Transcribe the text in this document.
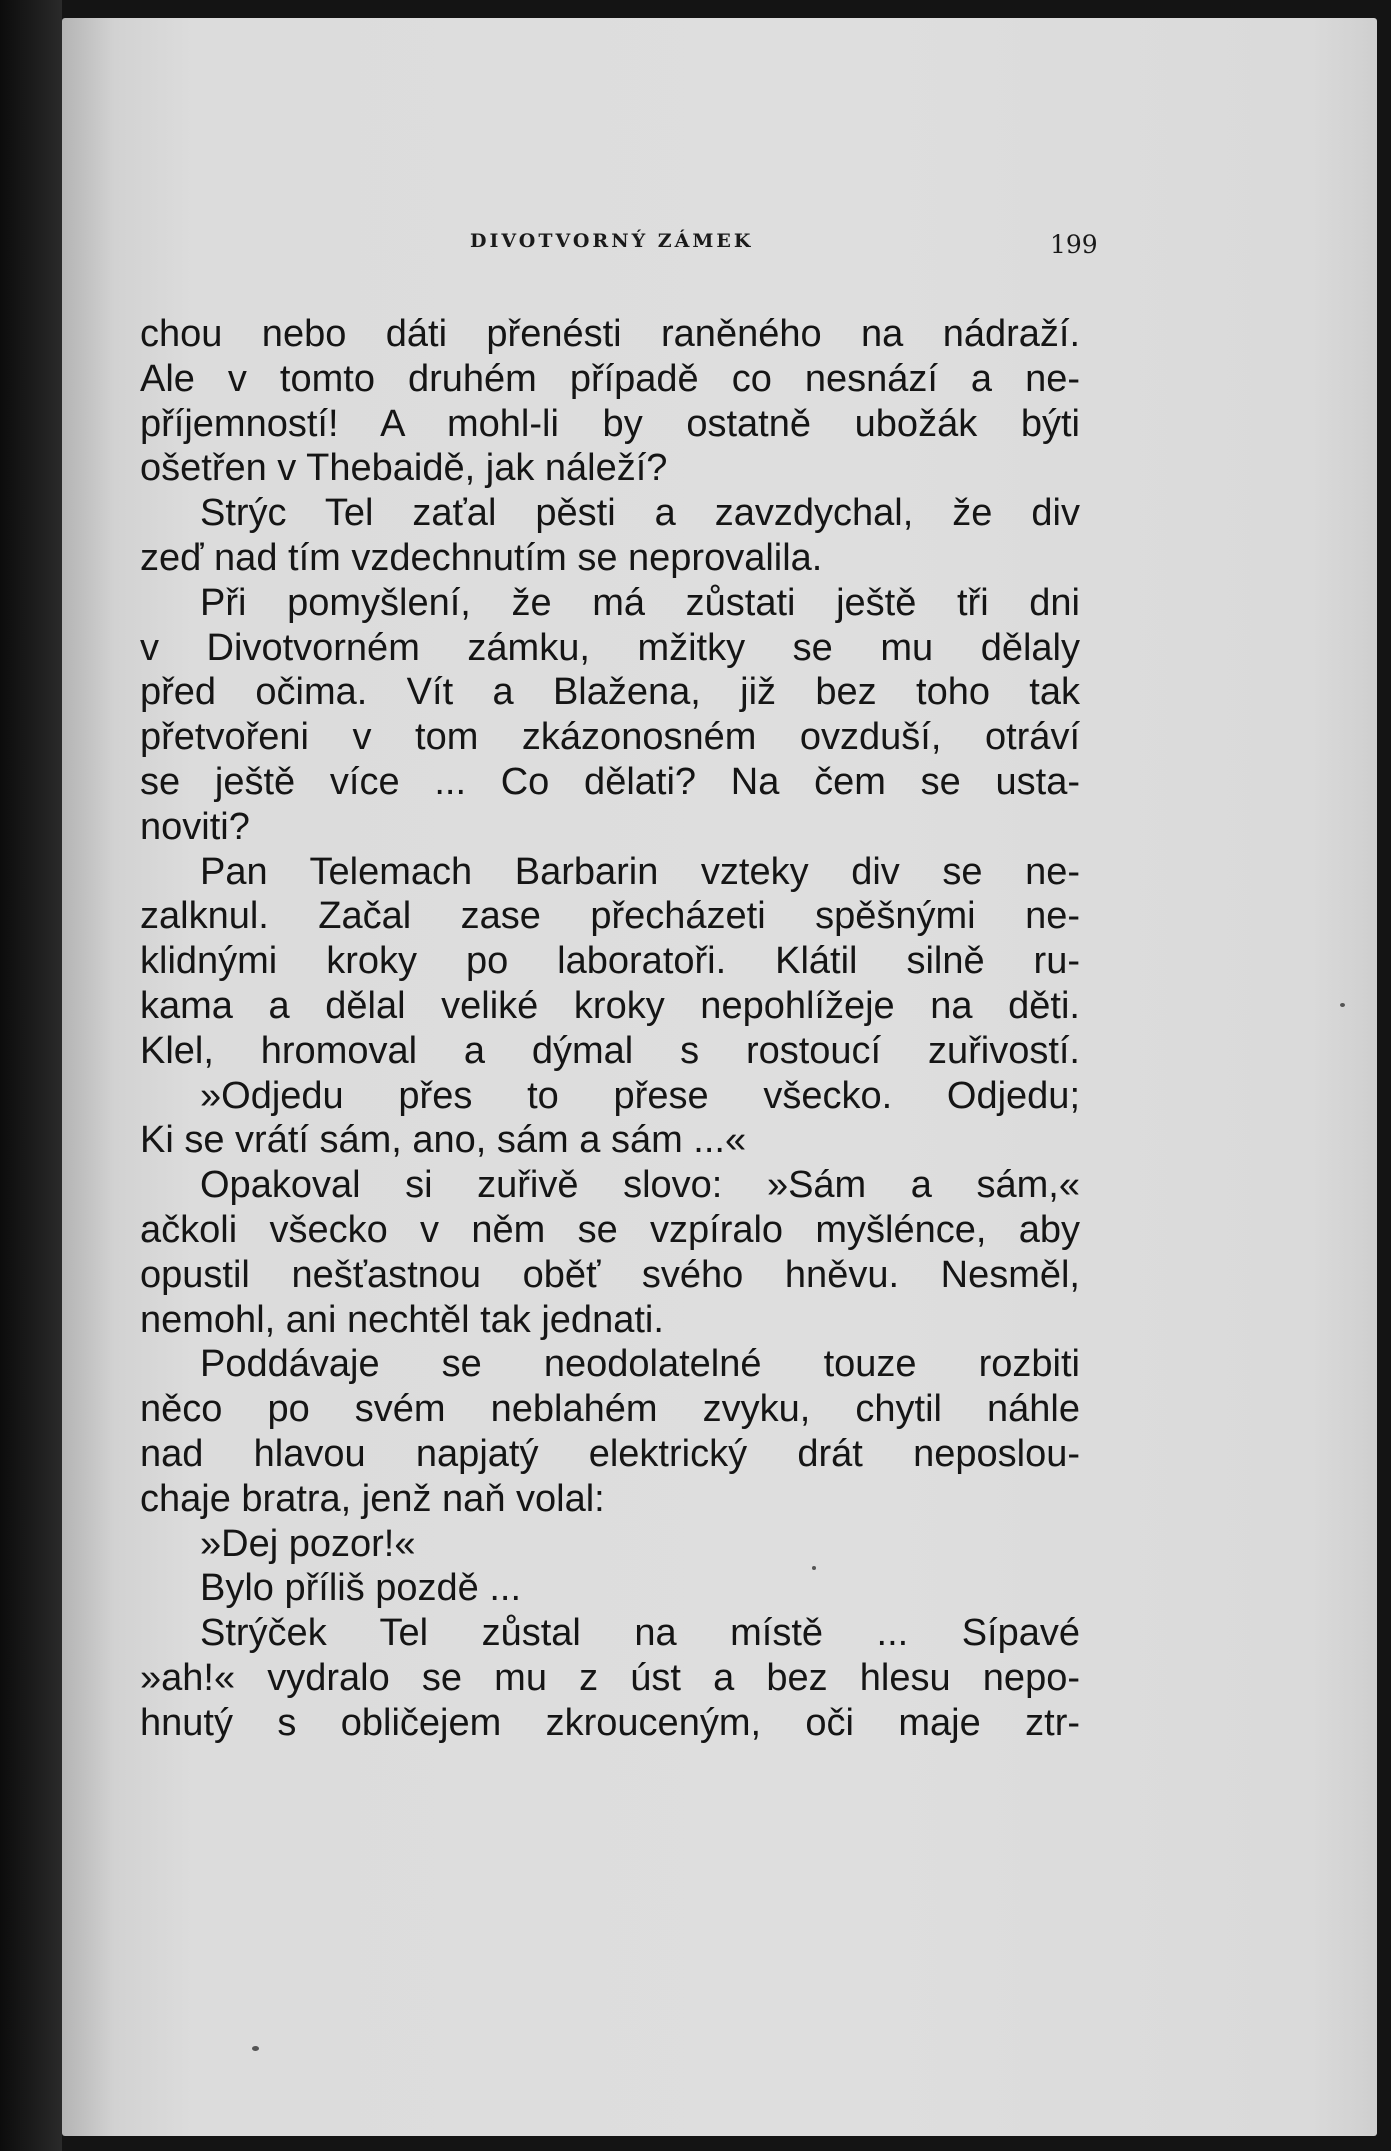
DIVOTVORNÝ ZÁMEK	199
chou nebo dáti přenésti raněného na nádraží.
Ale v tomto druhém případě co nesnází a ne-
příjemností! A mohl-li by ostatně ubožák býti
ošetřen v Thebaidě, jak náleží?
Strýc Tel zaťal pěsti a zavzdychal, že div
zeď nad tím vzdechnutím se neprovalila.
Při pomyšlení, že má zůstati ještě tři dni
v Divotvorném zámku, mžitky se mu dělaly
před očima. Vít a Blažena, již bez toho tak
přetvořeni v tom zkázonosném ovzduší, otráví
se ještě více ... Co dělati? Na čem se usta-
noviti?
Pan Telemach Barbarin vzteky div se ne-
zalknul. Začal zase přecházeti spěšnými ne-
klidnými kroky po laboratoři. Klátil silně ru-
kama a dělal veliké kroky nepohlížeje na děti.
Klel, hromoval a dýmal s rostoucí zuřivostí.
»Odjedu přes to přese všecko. Odjedu;
Ki se vrátí sám, ano, sám a sám ...«
Opakoval si zuřivě slovo: »Sám a sám,«
ačkoli všecko v něm se vzpíralo myšlénce, aby
opustil nešťastnou oběť svého hněvu. Nesměl,
nemohl, ani nechtěl tak jednati.
Poddávaje se neodolatelné touze rozbiti
něco po svém neblahém zvyku, chytil náhle
nad hlavou napjatý elektrický drát neposlou-
chaje bratra, jenž naň volal:
»Dej pozor!«
Bylo příliš pozdě ...
Strýček Tel zůstal na místě ... Sípavé
»ah!« vydralo se mu z úst a bez hlesu nepo-
hnutý s obličejem zkrouceným, oči maje ztr-
